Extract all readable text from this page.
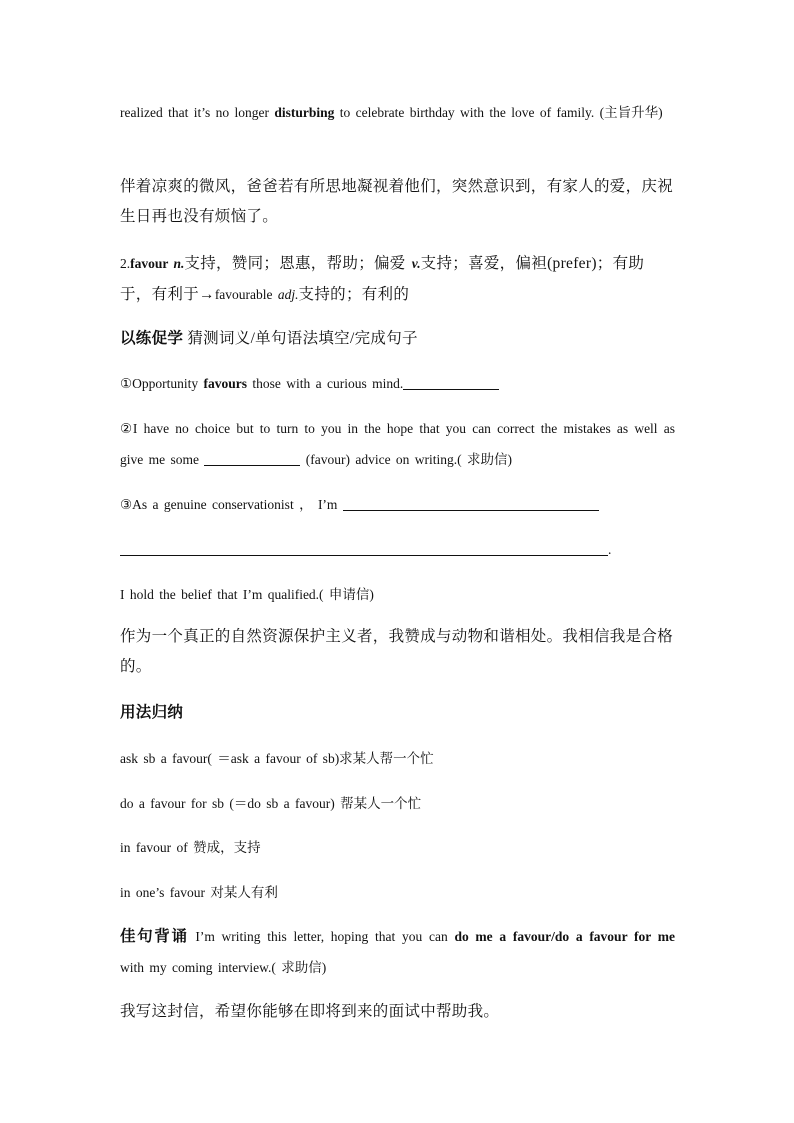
realized that it’s no longer disturbing to celebrate birthday with the love of family. (主旨升华)
伴着凉爽的微风，爸爸若有所思地凝视着他们，突然意识到，有家人的爱，庆祝生日再也没有烦恼了。
2.favour n.支持，赞同；恩惠，帮助；偏爱 v.支持；喜爱，偏袒(prefer)；有助于，有利于→favourable adj.支持的；有利的
以练促学 猜测词义/单句语法填空/完成句子
①Opportunity favours those with a curious mind.
②I have no choice but to turn to you in the hope that you can correct the mistakes as well as give me some	(favour) advice on writing.( 求助信)
③As a genuine conservationist ， I’m
.
I hold the belief that I’m qualified.( 申请信)
作为一个真正的自然资源保护主义者，我赞成与动物和谐相处。我相信我是合格的。
用法归纳
ask sb a favour( ＝ask a favour of sb)求某人帮一个忙
do a favour for sb (＝do sb a favour) 帮某人一个忙
in favour of 赞成，支持
in one’s favour 对某人有利
佳句背诵 I’m writing this letter, hoping that you can do me a favour/do a favour for me with my coming interview.( 求助信)
我写这封信，希望你能够在即将到来的面试中帮助我。
